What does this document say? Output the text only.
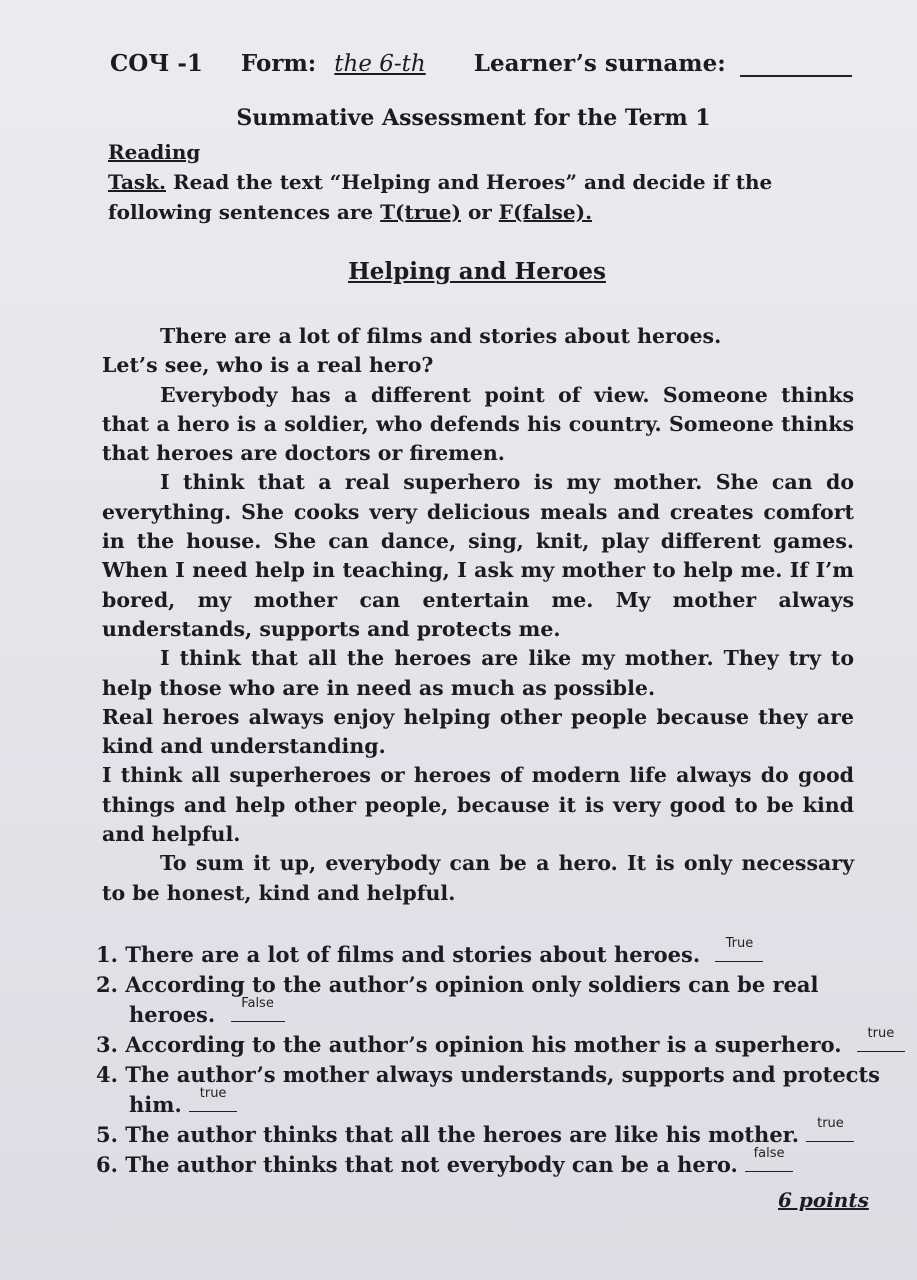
СОЧ -1 Form: the 6-th Learner’s surname:
Summative Assessment for the Term 1
Reading
Task. Read the text “Helping and Heroes” and decide if the following sentences are T(true) or F(false).
Helping and Heroes

There are a lot of films and stories about heroes.

Let’s see, who is a real hero?

Everybody has a different point of view. Someone thinks that a hero is a soldier, who defends his country. Someone thinks that heroes are doctors or firemen.

I think that a real superhero is my mother. She can do everything. She cooks very delicious meals and creates comfort in the house. She can dance, sing, knit, play different games. When I need help in teaching, I ask my mother to help me. If I’m bored, my mother can entertain me. My mother always understands, supports and protects me.

I think that all the heroes are like my mother. They try to help those who are in need as much as possible.

Real heroes always enjoy helping other people because they are kind and understanding.

I think all superheroes or heroes of modern life always do good things and help other people, because it is very good to be kind and helpful.

To sum it up, everybody can be a hero. It is only necessary to be honest, kind and helpful.

1. There are a lot of films and stories about heroes.	True
2. According to the author’s opinion only soldiers can be real
heroes.	False
3. According to the author’s opinion his mother is a superhero.	true
4. The author’s mother always understands, supports and protects
him.	true
5. The author thinks that all the heroes are like his mother.	true
6. The author thinks that not everybody can be a hero.	false
6 points
